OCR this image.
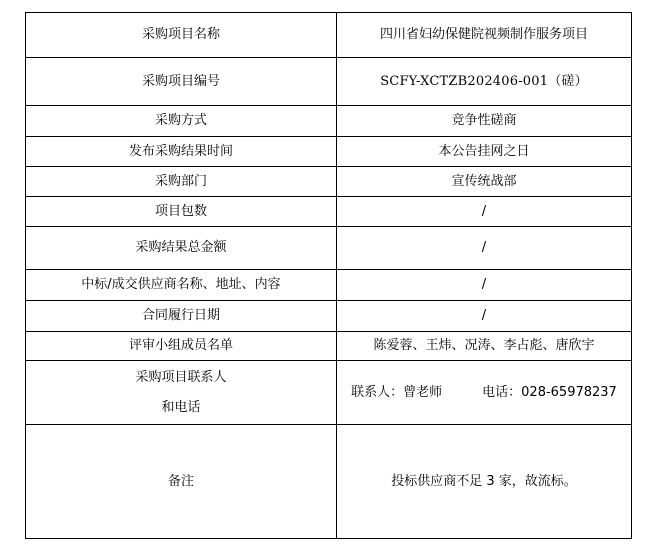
采购项目名称	四川省妇幼保健院视频制作服务项目
采购项目编号	SCFY-XCTZB202406-001（磋）
采购方式	竞争性磋商
发布采购结果时间	本公告挂网之日
采购部门	宣传统战部
项目包数	/
采购结果总金额	/
中标/成交供应商名称、地址、内容	/
合同履行日期	/
评审小组成员名单	陈爱蓉、王炜、况涛、李占彪、唐欣宇

采购项目联系人
和电话	联系人：曾老师 电话：028-65978237

备注	投标供应商不足 3 家，故流标。
